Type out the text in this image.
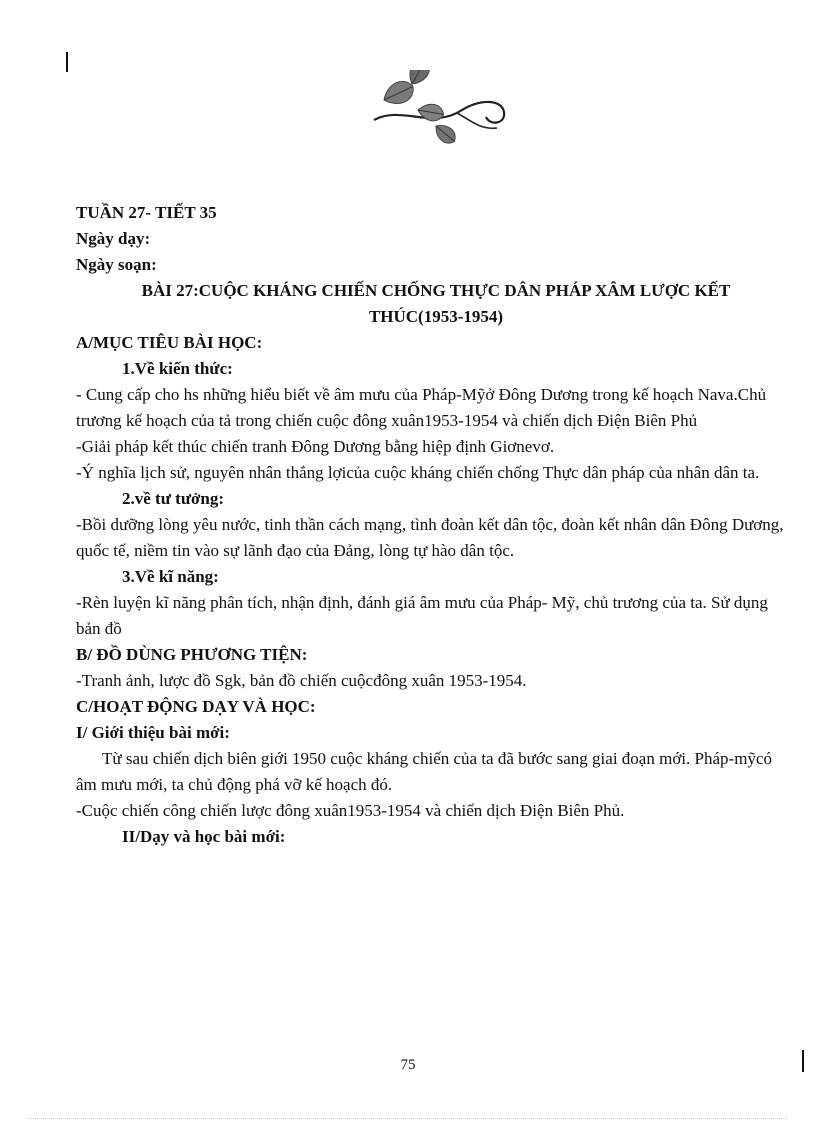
TUẦN 27- TIẾT 35

Ngày dạy:

Ngày soạn:

BÀI 27:CUỘC KHÁNG CHIẾN CHỐNG THỰC DÂN PHÁP XÂM LƯỢC KẾT

THÚC(1953-1954)

A/MỤC TIÊU BÀI HỌC:

1.Về kiến thức:

- Cung cấp cho hs những hiểu biết về âm mưu của Pháp-Mỹở Đông Dương trong kế hoạch Nava.Chủ trương kế hoạch của tả trong chiến cuộc đông xuân1953-1954 và chiến dịch Điện Biên Phủ

-Giải pháp kết thúc chiến tranh Đông Dương bằng hiệp định Giơnevơ.

-Ý nghĩa lịch sử, nguyên nhân thắng lợicủa cuộc kháng chiến chống Thực dân pháp của nhân dân ta.

2.về tư tưởng:

-Bồi dưỡng lòng yêu nước, tinh thần cách mạng, tình đoàn kết dân tộc, đoàn kết nhân dân Đông Dương, quốc tế, niềm tin vào sự lãnh đạo của Đảng, lòng tự hào dân tộc.

3.Về kĩ năng:

-Rèn luyện kĩ năng phân tích, nhận định, đánh giá âm mưu của Pháp- Mỹ, chủ trương của ta. Sử dụng bản đồ

B/ ĐỒ DÙNG PHƯƠNG TIỆN:

-Tranh ảnh, lược đồ Sgk, bản đồ chiến cuộcđông xuân 1953-1954.

C/HOẠT ĐỘNG DẠY VÀ HỌC:

I/ Giới thiệu bài mới:

Từ sau chiến dịch biên giới 1950 cuộc kháng chiến của ta đã bước sang giai đoạn mới. Pháp-mỹcó âm mưu mới, ta chủ động phá vỡ kế hoạch đó.

-Cuộc chiến công chiến lược đông xuân1953-1954 và chiến dịch Điện Biên Phủ.

II/Dạy và học bài mới:

75
